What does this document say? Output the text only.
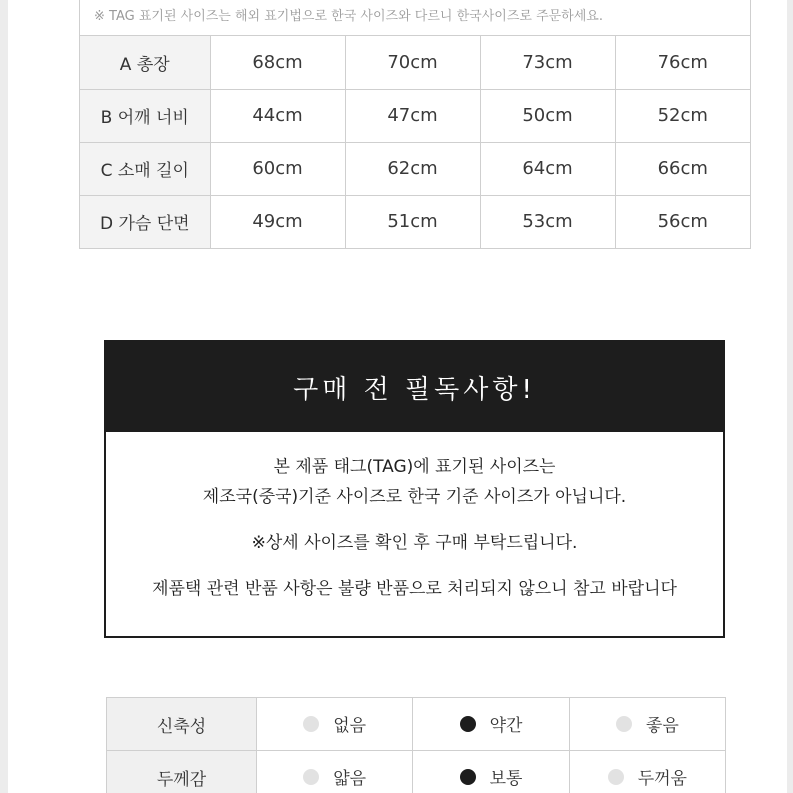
※ TAG 표기된 사이즈는 해외 표기법으로 한국 사이즈와 다르니 한국사이즈로 주문하세요.
A 총장	68cm	70cm	73cm	76cm
B 어깨 너비	44cm	47cm	50cm	52cm
C 소매 길이	60cm	62cm	64cm	66cm
D 가슴 단면	49cm	51cm	53cm	56cm
구매 전 필독사항!
본 제품 태그(TAG)에 표기된 사이즈는
제조국(중국)기준 사이즈로 한국 기준 사이즈가 아닙니다.
※상세 사이즈를 확인 후 구매 부탁드립니다.
제품택 관련 반품 사항은 불량 반품으로 처리되지 않으니 참고 바랍니다
신축성	없음	약간	좋음

두께감	얇음	보통	두꺼움
